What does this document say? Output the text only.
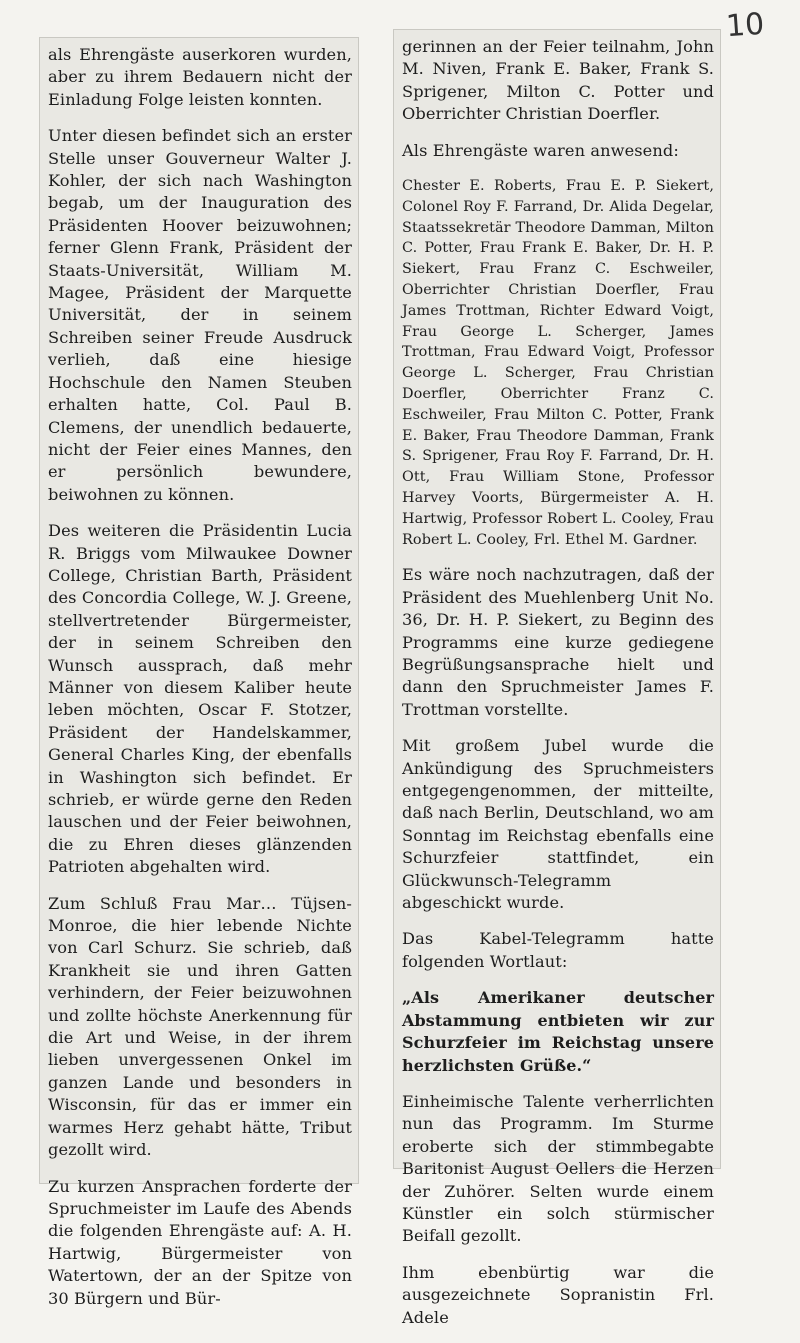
10

als Ehrengäste auserkoren wurden, aber zu ihrem Bedauern nicht der Einladung Folge leisten konnten.

Unter diesen befindet sich an erster Stelle unser Gouverneur Walter J. Kohler, der sich nach Washington begab, um der Inauguration des Präsidenten Hoover beizuwohnen; ferner Glenn Frank, Präsident der Staats-Universität, William M. Magee, Präsident der Marquette Universität, der in seinem Schreiben seiner Freude Ausdruck verlieh, daß eine hiesige Hochschule den Namen Steuben erhalten hatte, Col. Paul B. Clemens, der unendlich bedauerte, nicht der Feier eines Mannes, den er persönlich bewundere, beiwohnen zu können.

Des weiteren die Präsidentin Lucia R. Briggs vom Milwaukee Downer College, Christian Barth, Präsident des Concordia College, W. J. Greene, stellvertretender Bürgermeister, der in seinem Schreiben den Wunsch aussprach, daß mehr Männer von diesem Kaliber heute leben möchten, Oscar F. Stotzer, Präsident der Handelskammer, General Charles King, der ebenfalls in Washington sich befindet. Er schrieb, er würde gerne den Reden lauschen und der Feier beiwohnen, die zu Ehren dieses glänzenden Patrioten abgehalten wird.

Zum Schluß Frau Mar… Tüjsen-Monroe, die hier lebende Nichte von Carl Schurz. Sie schrieb, daß Krankheit sie und ihren Gatten verhindern, der Feier beizuwohnen und zollte höchste Anerkennung für die Art und Weise, in der ihrem lieben unvergessenen Onkel im ganzen Lande und besonders in Wisconsin, für das er immer ein warmes Herz gehabt hätte, Tribut gezollt wird.

Zu kurzen Ansprachen forderte der Spruchmeister im Laufe des Abends die folgenden Ehrengäste auf: A. H. Hartwig, Bürgermeister von Watertown, der an der Spitze von 30 Bürgern und Bür-

gerinnen an der Feier teilnahm, John M. Niven, Frank E. Baker, Frank S. Sprigener, Milton C. Potter und Oberrichter Christian Doerfler.

Als Ehrengäste waren anwesend:

Chester E. Roberts, Frau E. P. Siekert, Colonel Roy F. Farrand, Dr. Alida Degelar, Staatssekretär Theodore Damman, Milton C. Potter, Frau Frank E. Baker, Dr. H. P. Siekert, Frau Franz C. Eschweiler, Oberrichter Christian Doerfler, Frau James Trottman, Richter Edward Voigt, Frau George L. Scherger, James Trottman, Frau Edward Voigt, Professor George L. Scherger, Frau Christian Doerfler, Oberrichter Franz C. Eschweiler, Frau Milton C. Potter, Frank E. Baker, Frau Theodore Damman, Frank S. Sprigener, Frau Roy F. Farrand, Dr. H. Ott, Frau William Stone, Professor Harvey Voorts, Bürgermeister A. H. Hartwig, Professor Robert L. Cooley, Frau Robert L. Cooley, Frl. Ethel M. Gardner.

Es wäre noch nachzutragen, daß der Präsident des Muehlenberg Unit No. 36, Dr. H. P. Siekert, zu Beginn des Programms eine kurze gediegene Begrüßungsansprache hielt und dann den Spruchmeister James F. Trottman vorstellte.

Mit großem Jubel wurde die Ankündigung des Spruchmeisters entgegengenommen, der mitteilte, daß nach Berlin, Deutschland, wo am Sonntag im Reichstag ebenfalls eine Schurzfeier stattfindet, ein Glückwunsch-Telegramm abgeschickt wurde.

Das Kabel-Telegramm hatte folgenden Wortlaut:

„Als Amerikaner deutscher Abstammung entbieten wir zur Schurzfeier im Reichstag unsere herzlichsten Grüße.“

Einheimische Talente verherrlichten nun das Programm. Im Sturme eroberte sich der stimmbegabte Baritonist August Oellers die Herzen der Zuhörer. Selten wurde einem Künstler ein solch stürmischer Beifall gezollt.

Ihm ebenbürtig war die ausgezeichnete Sopranistin Frl. Adele
